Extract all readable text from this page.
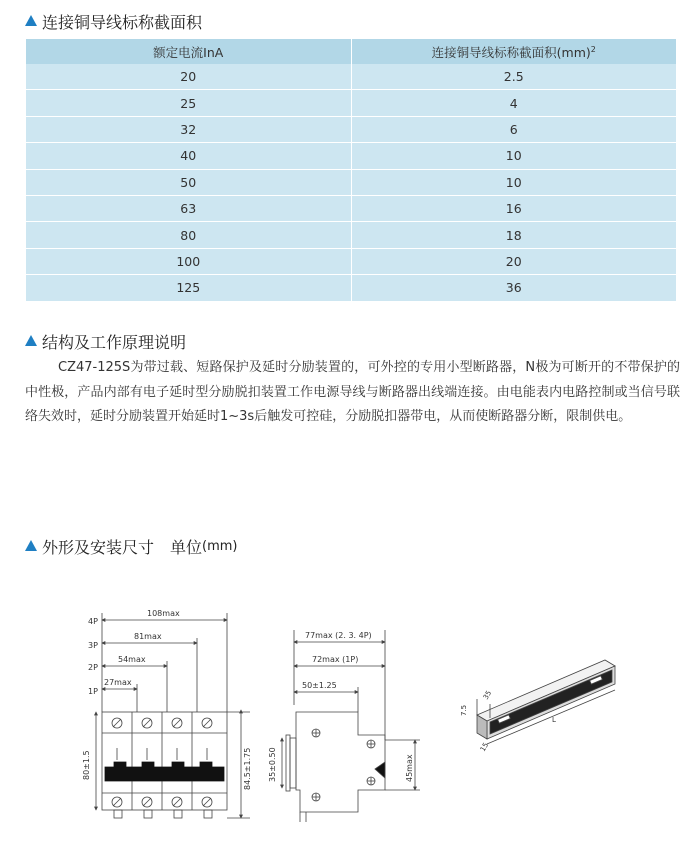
连接铜导线标称截面积
额定电流InA	连接铜导线标称截面积(mm)$^2$
20	2.5
25	4
32	6
40	10
50	10
63	16
80	18
100	20
125	36
结构及工作原理说明

CZ47-125S为带过载、短路保护及延时分励装置的，可外控的专用小型断路器，N极为可断开的不带保护的中性极，产品内部有电子延时型分励脱扣装置工作电源导线与断路器出线端连接。由电能表内电路控制或当信号联络失效时，延时分励装置开始延时1~3s后触发可控硅，分励脱扣器带电，从而使断路器分断，限制供电。

外形及安装尺寸　单位 (mm)
4P
3P
2P
1P
108max
81max
54max
27max
80±1.5	84.5±1.75
77max (2. 3. 4P)
72max (1P)
50±1.25
35±0.50	45max
7.5
35
15
L
